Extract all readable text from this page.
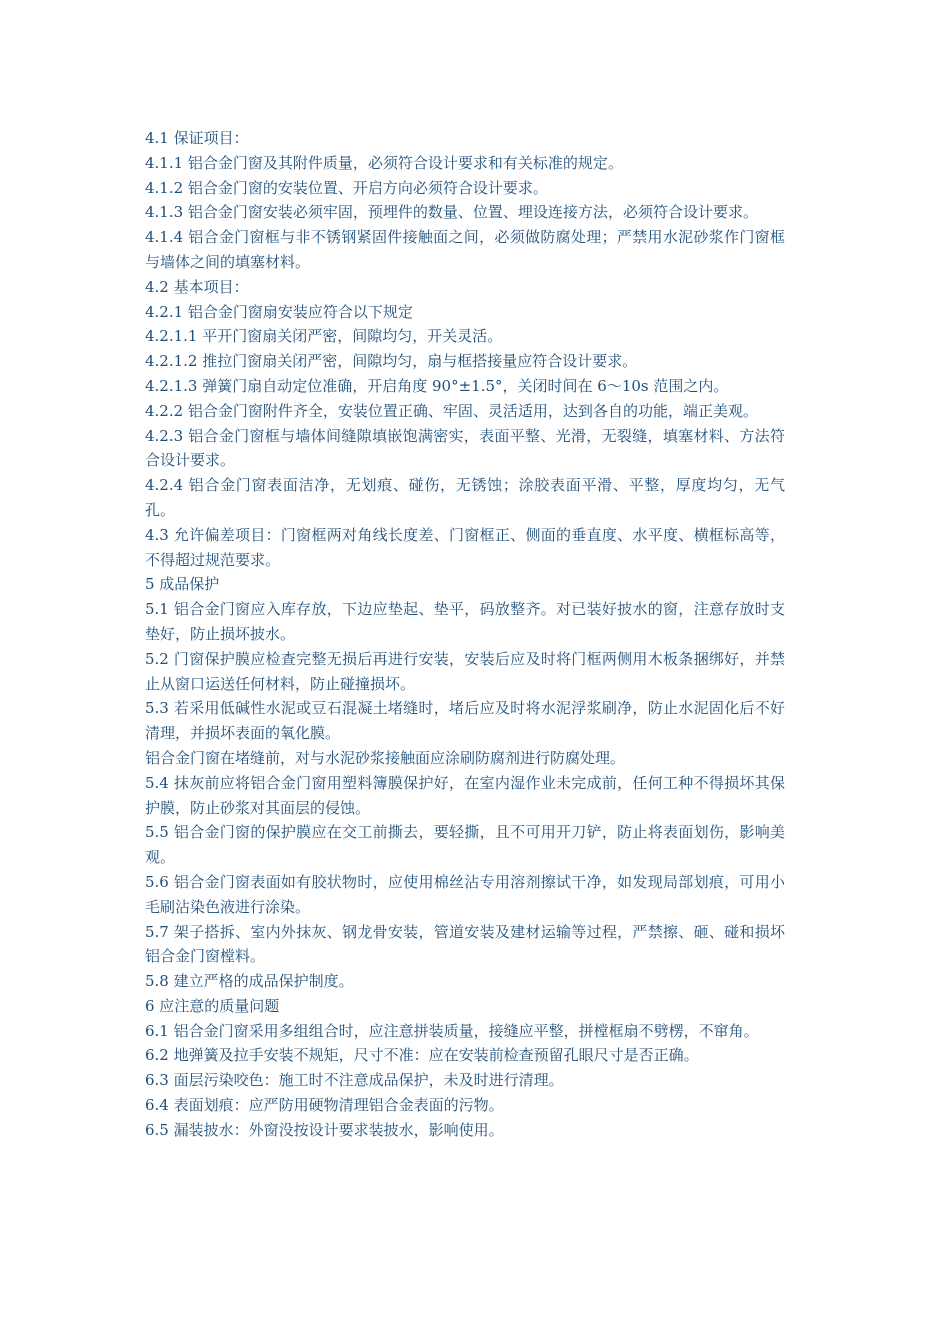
4.1 保证项目：

4.1.1 铝合金门窗及其附件质量，必须符合设计要求和有关标准的规定。

4.1.2 铝合金门窗的安装位置、开启方向必须符合设计要求。

4.1.3 铝合金门窗安装必须牢固，预埋件的数量、位置、埋设连接方法，必须符合设计要求。

4.1.4 铝合金门窗框与非不锈钢紧固件接触面之间，必须做防腐处理；严禁用水泥砂浆作门窗框与墙体之间的填塞材料。

4.2 基本项目：

4.2.1 铝合金门窗扇安装应符合以下规定

4.2.1.1 平开门窗扇关闭严密，间隙均匀，开关灵活。

4.2.1.2 推拉门窗扇关闭严密，间隙均匀，扇与框搭接量应符合设计要求。

4.2.1.3 弹簧门扇自动定位准确，开启角度 90°±1.5°，关闭时间在 6～10s 范围之内。

4.2.2 铝合金门窗附件齐全，安装位置正确、牢固、灵活适用，达到各自的功能，端正美观。

4.2.3 铝合金门窗框与墙体间缝隙填嵌饱满密实，表面平整、光滑，无裂缝，填塞材料、方法符合设计要求。

4.2.4 铝合金门窗表面洁净，无划痕、碰伤，无锈蚀；涂胶表面平滑、平整，厚度均匀，无气孔。

4.3 允许偏差项目：门窗框两对角线长度差、门窗框正、侧面的垂直度、水平度、横框标高等，不得超过规范要求。

5 成品保护

5.1 铝合金门窗应入库存放，下边应垫起、垫平，码放整齐。对已装好披水的窗，注意存放时支垫好，防止损坏披水。

5.2 门窗保护膜应检查完整无损后再进行安装，安装后应及时将门框两侧用木板条捆绑好，并禁止从窗口运送任何材料，防止碰撞损坏。

5.3 若采用低碱性水泥或豆石混凝土堵缝时，堵后应及时将水泥浮浆刷净，防止水泥固化后不好清理，并损坏表面的氧化膜。

铝合金门窗在堵缝前，对与水泥砂浆接触面应涂刷防腐剂进行防腐处理。

5.4 抹灰前应将铝合金门窗用塑料簿膜保护好，在室内湿作业未完成前，任何工种不得损坏其保护膜，防止砂浆对其面层的侵蚀。

5.5 铝合金门窗的保护膜应在交工前撕去，要轻撕，且不可用开刀铲，防止将表面划伤，影响美观。

5.6 铝合金门窗表面如有胶状物时，应使用棉丝沾专用溶剂擦试干净，如发现局部划痕，可用小毛刷沾染色液进行涂染。

5.7 架子搭拆、室内外抹灰、钢龙骨安装，管道安装及建材运输等过程，严禁擦、砸、碰和损坏铝合金门窗樘料。

5.8 建立严格的成品保护制度。

6 应注意的质量问题

6.1 铝合金门窗采用多组组合时，应注意拼装质量，接缝应平整，拼樘框扇不劈楞，不窜角。

6.2 地弹簧及拉手安装不规矩，尺寸不准：应在安装前检查预留孔眼尺寸是否正确。

6.3 面层污染咬色：施工时不注意成品保护，未及时进行清理。

6.4 表面划痕：应严防用硬物清理铝合金表面的污物。

6.5 漏装披水：外窗没按设计要求装披水，影响使用。
